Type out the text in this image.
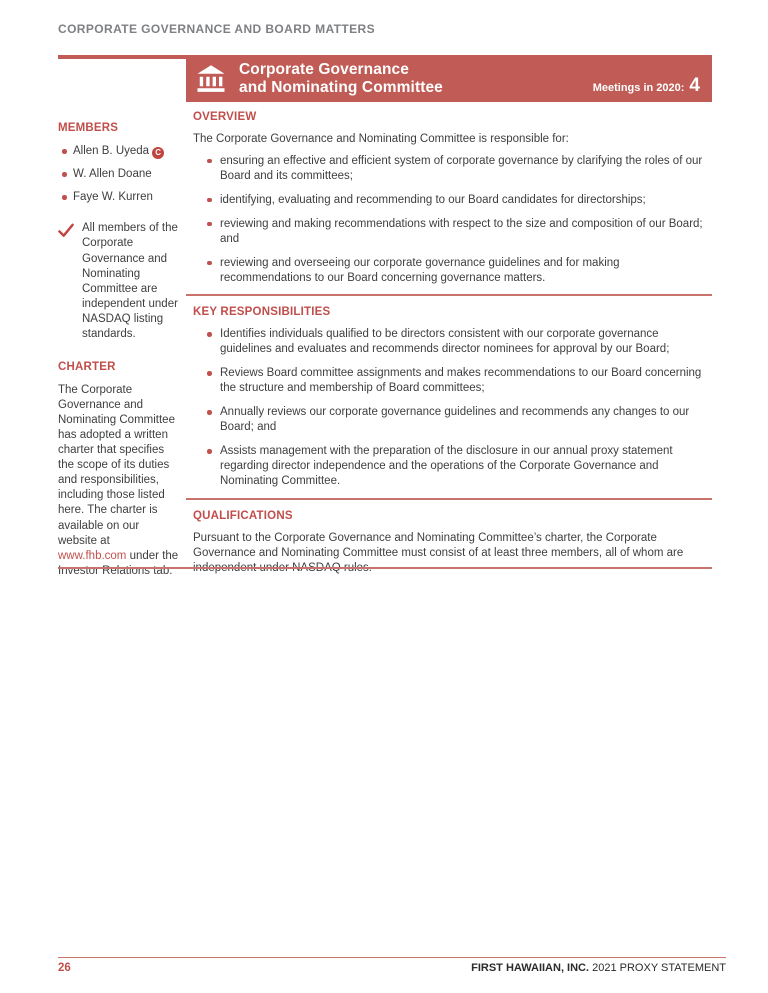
CORPORATE GOVERNANCE AND BOARD MATTERS
Corporate Governance
and Nominating Committee	Meetings in 2020: 4
MEMBERS
Allen B. Uyeda C
W. Allen Doane
Faye W. Kurren
All members of the Corporate Governance and Nominating Committee are independent under NASDAQ listing standards.
CHARTER
The Corporate Governance and Nominating Committee has adopted a written charter that specifies the scope of its duties and responsibilities, including those listed here. The charter is available on our website at www.fhb.com under the Investor Relations tab.
OVERVIEW
The Corporate Governance and Nominating Committee is responsible for:
ensuring an effective and efficient system of corporate governance by clarifying the roles of our Board and its committees;
identifying, evaluating and recommending to our Board candidates for directorships;
reviewing and making recommendations with respect to the size and composition of our Board; and
reviewing and overseeing our corporate governance guidelines and for making recommendations to our Board concerning governance matters.
KEY RESPONSIBILITIES
Identifies individuals qualified to be directors consistent with our corporate governance guidelines and evaluates and recommends director nominees for approval by our Board;
Reviews Board committee assignments and makes recommendations to our Board concerning the structure and membership of Board committees;
Annually reviews our corporate governance guidelines and recommends any changes to our Board; and
Assists management with the preparation of the disclosure in our annual proxy statement regarding director independence and the operations of the Corporate Governance and Nominating Committee.
QUALIFICATIONS
Pursuant to the Corporate Governance and Nominating Committee’s charter, the Corporate Governance and Nominating Committee must consist of at least three members, all of whom are independent under NASDAQ rules.
26	FIRST HAWAIIAN, INC. 2021 PROXY STATEMENT
